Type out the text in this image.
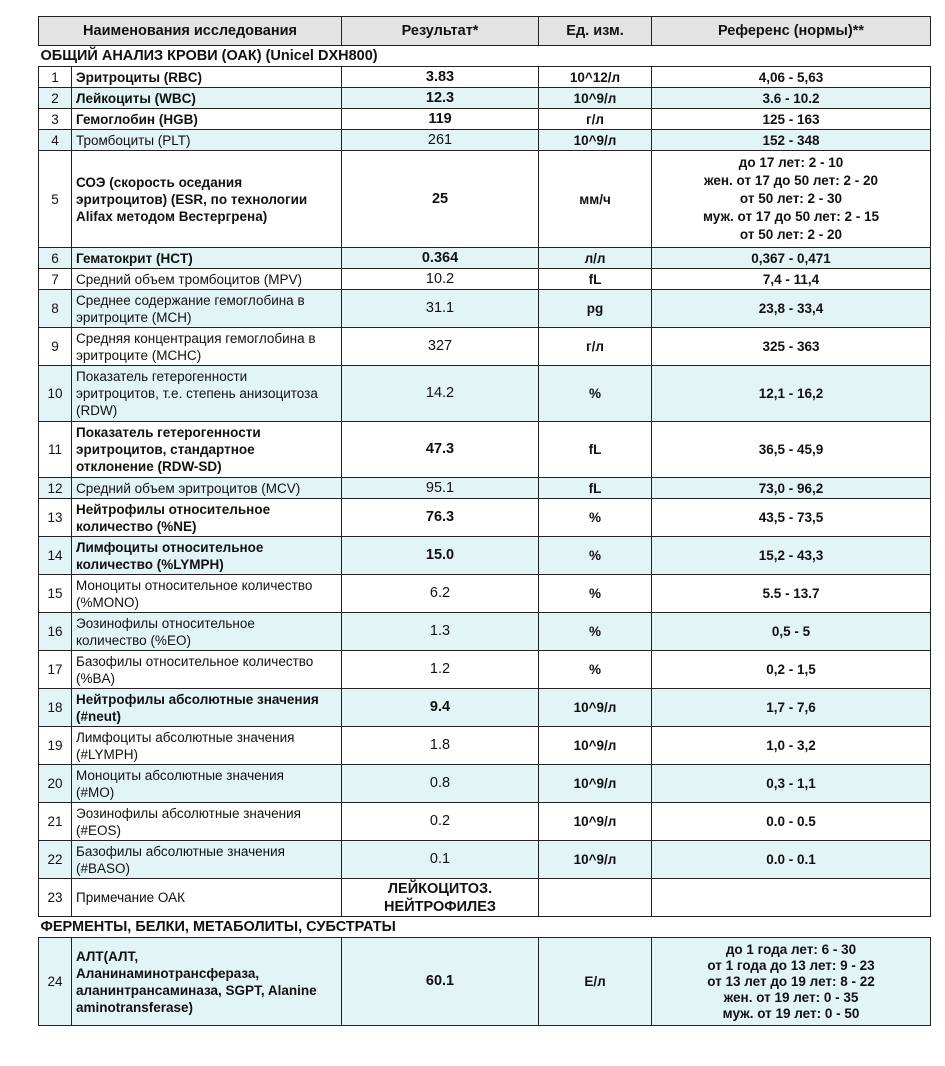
Наименования исследования		Результат*	Ед. изм.	Референс (нормы)**
ОБЩИЙ АНАЛИЗ КРОВИ (ОАК) (Unicel DXH800)				
1	Эритроциты (RBC)	3.83	10^12/л	4,06 - 5,63
2	Лейкоциты (WBC)	12.3	10^9/л	3.6 - 10.2
3	Гемоглобин (HGB)	119	г/л	125 - 163
4	Тромбоциты (PLT)	261	10^9/л	152 - 348
5	СОЭ (скорость оседания
эритроцитов) (ESR, по технологии
Alifax методом Вестергрена)	25	мм/ч	до 17 лет: 2 - 10
жен. от 17 до 50 лет: 2 - 20
от 50 лет: 2 - 30
муж. от 17 до 50 лет: 2 - 15
от 50 лет: 2 - 20
6	Гематокрит (HCT)	0.364	л/л	0,367 - 0,471
7	Средний объем тромбоцитов (MPV)	10.2	fL	7,4 - 11,4
8	Среднее содержание гемоглобина в
эритроците (MCH)	31.1	pg	23,8 - 33,4
9	Средняя концентрация гемоглобина в
эритроците (MCHC)	327	г/л	325 - 363
10	Показатель гетерогенности
эритроцитов, т.е. степень анизоцитоза
(RDW)	14.2	%	12,1 - 16,2
11	Показатель гетерогенности
эритроцитов, стандартное
отклонение (RDW-SD)	47.3	fL	36,5 - 45,9
12	Средний объем эритроцитов (MCV)	95.1	fL	73,0 - 96,2
13	Нейтрофилы относительное
количество (%NE)	76.3	%	43,5 - 73,5
14	Лимфоциты относительное
количество (%LYMPH)	15.0	%	15,2 - 43,3
15	Моноциты относительное количество
(%MONO)	6.2	%	5.5 - 13.7
16	Эозинофилы относительное
количество (%EO)	1.3	%	0,5 - 5
17	Базофилы относительное количество
(%BA)	1.2	%	0,2 - 1,5
18	Нейтрофилы абсолютные значения
(#neut)	9.4	10^9/л	1,7 - 7,6
19	Лимфоциты абсолютные значения
(#LYMPH)	1.8	10^9/л	1,0 - 3,2
20	Моноциты абсолютные значения
(#MO)	0.8	10^9/л	0,3 - 1,1
21	Эозинофилы абсолютные значения
(#EOS)	0.2	10^9/л	0.0 - 0.5
22	Базофилы абсолютные значения
(#BASO)	0.1	10^9/л	0.0 - 0.1
23	Примечание ОАК	ЛЕЙКОЦИТОЗ.
НЕЙТРОФИЛЕЗ		
ФЕРМЕНТЫ, БЕЛКИ, МЕТАБОЛИТЫ, СУБСТРАТЫ				
24	АЛТ(АЛТ,
Аланинаминотрансфераза,
аланинтрансаминаза, SGPT, Alanine
aminotransferase)	60.1	Е/л	до 1 года лет: 6 - 30
от 1 года до 13 лет: 9 - 23
от 13 лет до 19 лет: 8 - 22
жен. от 19 лет: 0 - 35
муж. от 19 лет: 0 - 50
